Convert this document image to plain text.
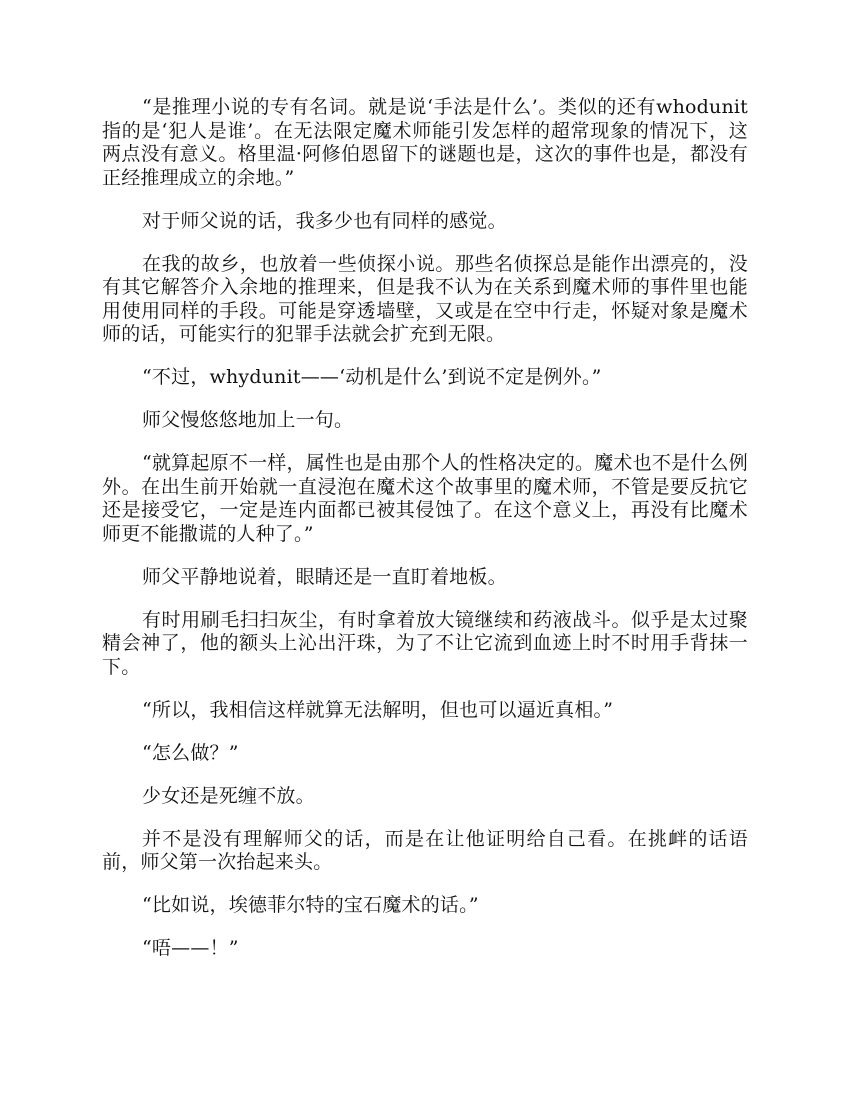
“是推理小说的专有名词。就是说‘手法是什么’。类似的还有whodunit指的是‘犯人是谁’。在无法限定魔术师能引发怎样的超常现象的情况下，这两点没有意义。格里温·阿修伯恩留下的谜题也是，这次的事件也是，都没有正经推理成立的余地。”

对于师父说的话，我多少也有同样的感觉。

在我的故乡，也放着一些侦探小说。那些名侦探总是能作出漂亮的，没有其它解答介入余地的推理来，但是我不认为在关系到魔术师的事件里也能用使用同样的手段。可能是穿透墙壁，又或是在空中行走，怀疑对象是魔术师的话，可能实行的犯罪手法就会扩充到无限。

“不过，whydunit——‘动机是什么’到说不定是例外。”

师父慢悠悠地加上一句。

“就算起原不一样，属性也是由那个人的性格决定的。魔术也不是什么例外。在出生前开始就一直浸泡在魔术这个故事里的魔术师，不管是要反抗它还是接受它，一定是连内面都已被其侵蚀了。在这个意义上，再没有比魔术师更不能撒谎的人种了。”

师父平静地说着，眼睛还是一直盯着地板。

有时用刷毛扫扫灰尘，有时拿着放大镜继续和药液战斗。似乎是太过聚精会神了，他的额头上沁出汗珠，为了不让它流到血迹上时不时用手背抹一下。

“所以，我相信这样就算无法解明，但也可以逼近真相。”

“怎么做？”

少女还是死缠不放。

并不是没有理解师父的话，而是在让他证明给自己看。在挑衅的话语前，师父第一次抬起来头。

“比如说，埃德菲尔特的宝石魔术的话。”

“唔——！”
